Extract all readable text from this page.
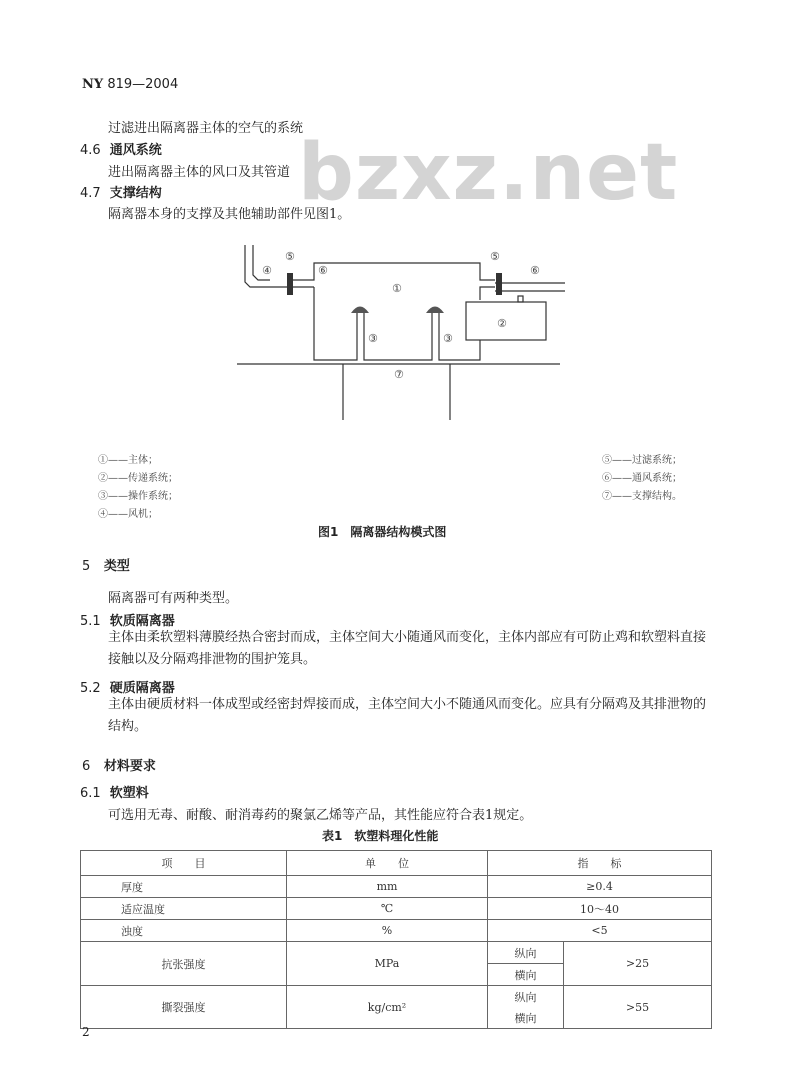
NY 819—2004
bzxz.net
过滤进出隔离器主体的空气的系统
4.6 通风系统
进出隔离器主体的风口及其管道
4.7 支撑结构
隔离器本身的支撑及其他辅助部件见图1。
①
②
③	③
④
⑤	⑤
⑥	⑥
⑦
①——主体；
②——传递系统；
③——操作系统；
④——风机；
⑤——过滤系统；
⑥——通风系统；
⑦——支撑结构。
图1　隔离器结构模式图
5 类型
隔离器可有两种类型。
5.1 软质隔离器
主体由柔软塑料薄膜经热合密封而成，主体空间大小随通风而变化，主体内部应有可防止鸡和软塑料直接接触以及分隔鸡排泄物的围护笼具。
5.2 硬质隔离器
主体由硬质材料一体成型或经密封焊接而成，主体空间大小不随通风而变化。应具有分隔鸡及其排泄物的结构。
6 材料要求
6.1 软塑料
可选用无毒、耐酸、耐消毒药的聚氯乙烯等产品，其性能应符合表1规定。
表1　软塑料理化性能
项　　目	单　　位	指　　标	
厚度	mm	≥0.4	
适应温度	℃	10～40	
浊度	%	<5	
抗张强度	MPa	纵向	>25
		横向	
撕裂强度	kg/cm²	纵向	>55
		横向	
2
